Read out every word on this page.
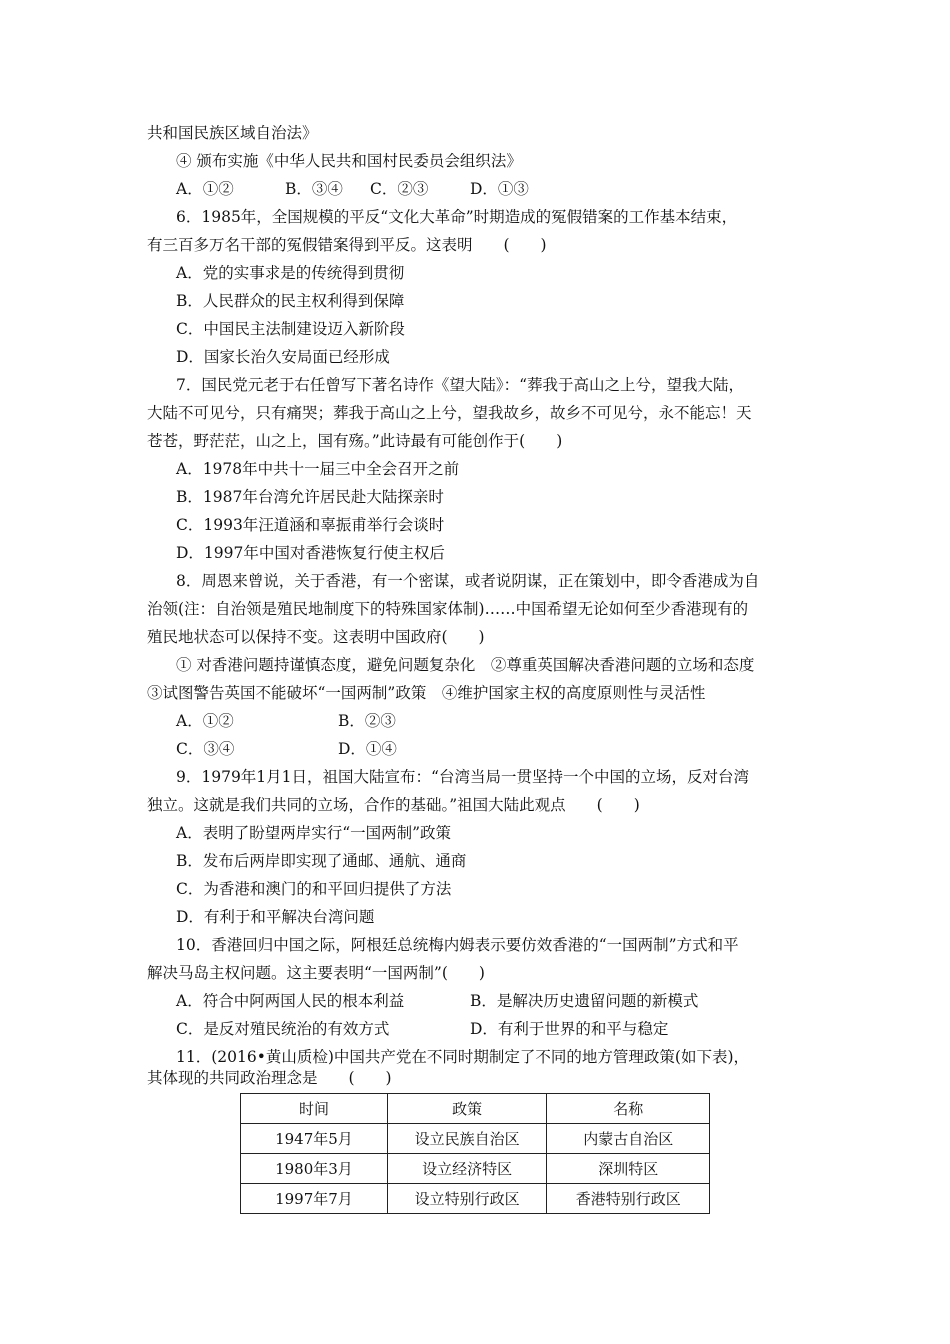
共和国民族区域自治法》
④ 颁布实施《中华人民共和国村民委员会组织法》
A．①②	B．③④ C．②③	D．①③
6．1985年，全国规模的平反“文化大革命”时期造成的冤假错案的工作基本结束，
有三百多万名干部的冤假错案得到平反。这表明　　(　　)
A．党的实事求是的传统得到贯彻
B．人民群众的民主权利得到保障
C．中国民主法制建设迈入新阶段
D．国家长治久安局面已经形成
7．国民党元老于右任曾写下著名诗作《望大陆》：“葬我于高山之上兮，望我大陆，
大陆不可见兮，只有痛哭；葬我于高山之上兮，望我故乡，故乡不可见兮，永不能忘！天
苍苍，野茫茫，山之上，国有殇。”此诗最有可能创作于(　　)
A．1978年中共十一届三中全会召开之前
B．1987年台湾允许居民赴大陆探亲时
C．1993年汪道涵和辜振甫举行会谈时
D．1997年中国对香港恢复行使主权后
8．周恩来曾说，关于香港，有一个密谋，或者说阴谋，正在策划中，即令香港成为自
治领(注：自治领是殖民地制度下的特殊国家体制)……中国希望无论如何至少香港现有的
殖民地状态可以保持不变。这表明中国政府(　　)
① 对香港问题持谨慎态度，避免问题复杂化　②尊重英国解决香港问题的立场和态度
③试图警告英国不能破坏“一国两制”政策　④维护国家主权的高度原则性与灵活性
A．①②	B．②③
C．③④	D．①④
9．1979年1月1日，祖国大陆宣布：“台湾当局一贯坚持一个中国的立场，反对台湾
独立。这就是我们共同的立场，合作的基础。”祖国大陆此观点　　(　　)
A．表明了盼望两岸实行“一国两制”政策
B．发布后两岸即实现了通邮、通航、通商
C．为香港和澳门的和平回归提供了方法
D．有利于和平解决台湾问题
10．香港回归中国之际，阿根廷总统梅内姆表示要仿效香港的“一国两制”方式和平
解决马岛主权问题。这主要表明“一国两制”(　　)
A．符合中阿两国人民的根本利益	B．是解决历史遗留问题的新模式
C．是反对殖民统治的有效方式	D．有利于世界的和平与稳定
11．(2016•黄山质检)中国共产党在不同时期制定了不同的地方管理政策(如下表)，
其体现的共同政治理念是　　(　　)
时间	政策	名称
1947年5月	设立民族自治区	内蒙古自治区
1980年3月	设立经济特区	深圳特区
1997年7月	设立特别行政区	香港特别行政区
